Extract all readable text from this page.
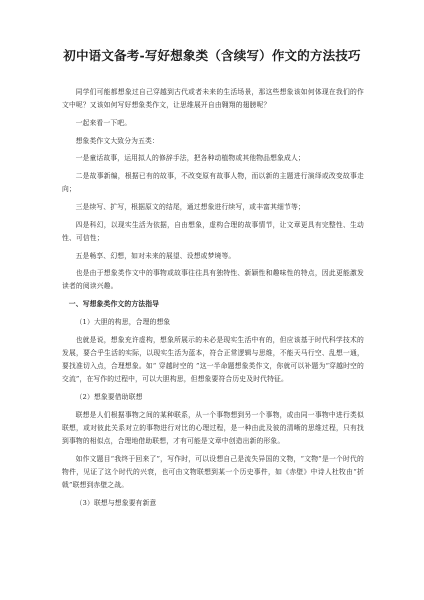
初中语文备考-写好想象类（含续写）作文的方法技巧

同学们可能都想象过自己穿越到古代或者未来的生活场景，那这些想象该如何体现在我们的作文中呢？又该如何写好想象类作文，让思维展开自由翱翔的翅膀呢？

一起来看一下吧。

想象类作文大致分为五类：

一是童话故事，运用拟人的修辞手法，把各种动植物或其他物品想象成人；

二是故事新编，根据已有的故事，不改变原有故事人物，而以新的主题进行演绎或改变故事走向；

三是续写、扩写，根据原文的结尾，通过想象进行续写，或丰富其细节等；

四是科幻，以现实生活为依据，自由想象，虚构合理的故事情节，让文章更具有完整性、生动性、可信性；

五是畅享、幻想，如对未来的展望、设想或梦境等。

也是由于想象类作文中的事物或故事往往具有独特性、新颖性和趣味性的特点，因此更能激发读者的阅读兴趣。

一、写想象类作文的方法指导

（1）大胆的构思，合理的想象

也就是说，想象充许虚构，想象所展示的未必是现实生活中有的，但应该基于时代科学技术的发展，要合乎生活的实际，以现实生活为蓝本，符合正常逻辑与思维，不能天马行空、乱想一通，要找准切入点，合理想象。如“ 穿越时空的 ”这一半命题想象类作文，你就可以补题为“穿越时空的交流”，在写作的过程中，可以大胆构思，但想象要符合历史及时代特征。

（2）想象要借助联想

联想是人们根据事物之间的某种联系，从一个事物想到另一个事物，或由同一事物中进行类似联想，或对彼此关系对立的事物进行对比的心理过程，是一种由此及彼的清晰的思维过程，只有找到事物的相似点，合理地借助联想，才有可能是文章中创造出新的形象。

如作文题目“我终于回来了”，写作时，可以设想自己是流失异国的文物，“文物”是一个时代的物件，见证了这个时代的兴衰，也可由文物联想到某一个历史事件，如《赤壁》中诗人杜牧由“折戟”联想到赤壁之战。

（3）联想与想象要有新意
